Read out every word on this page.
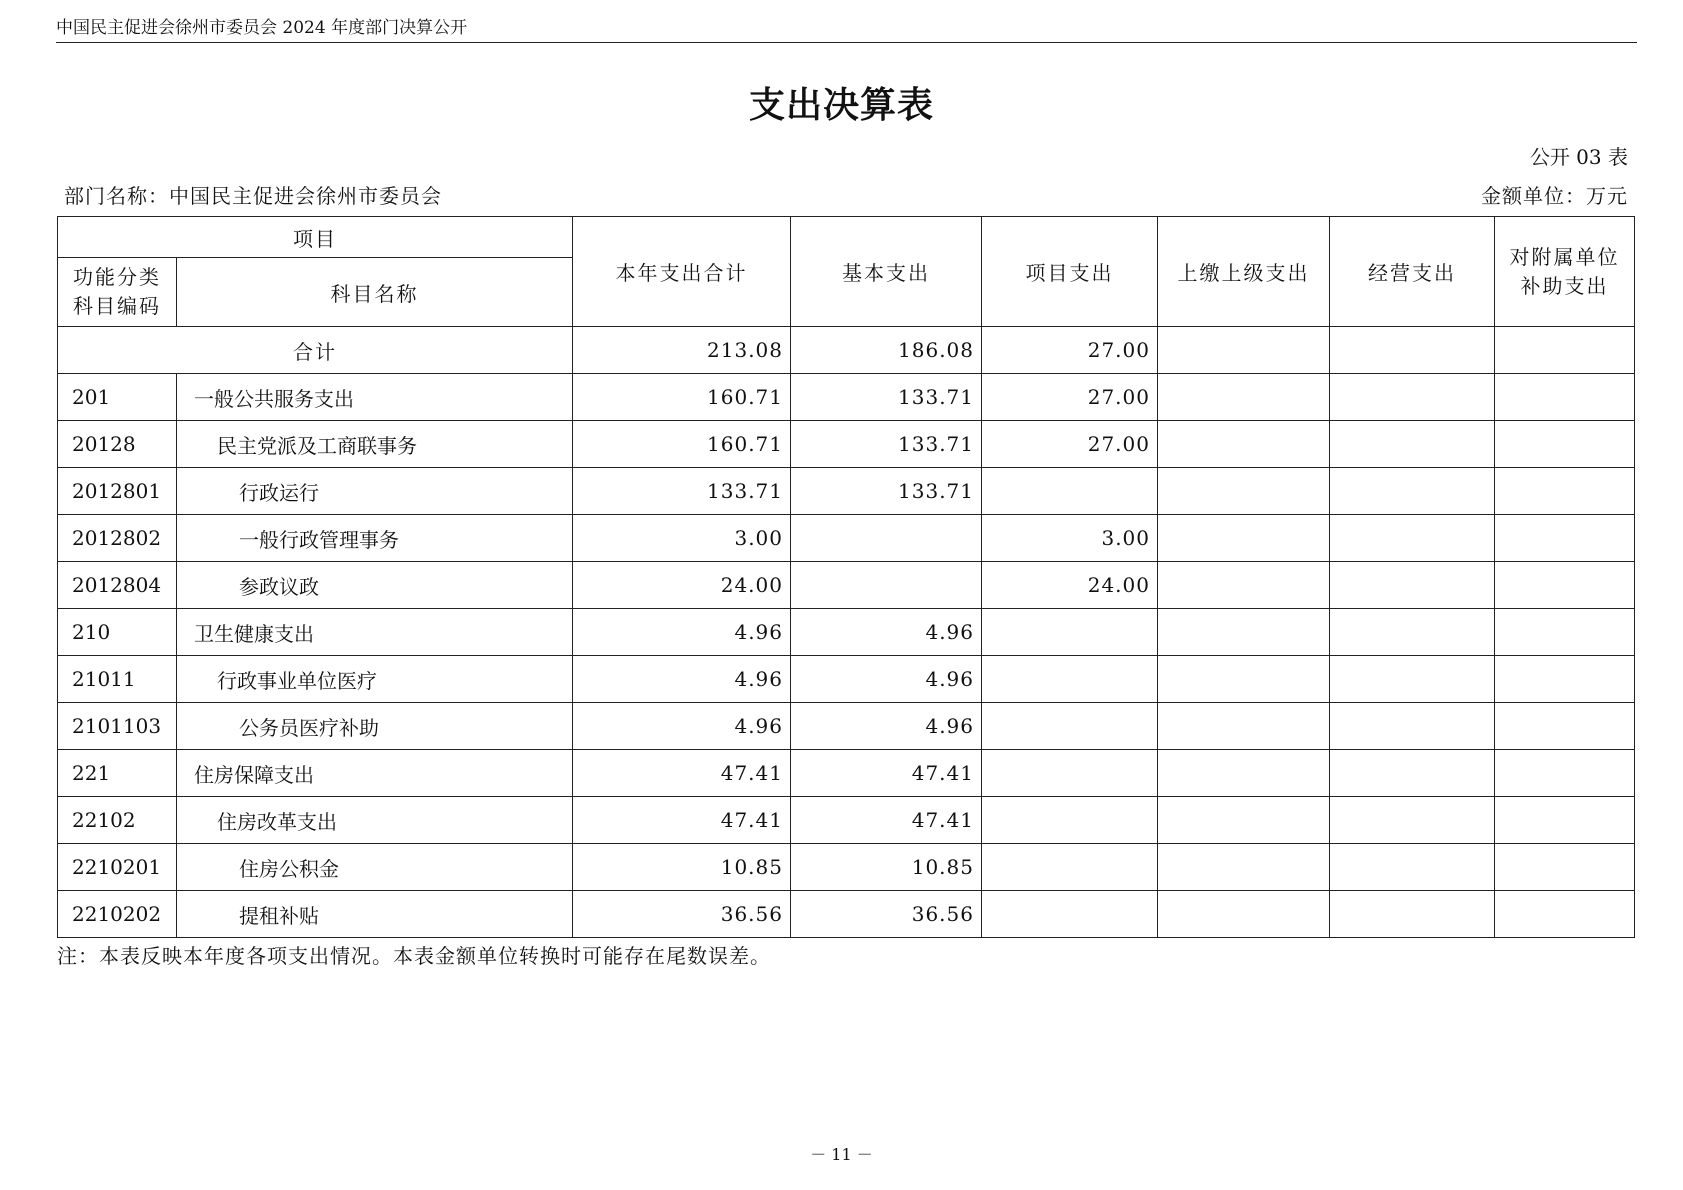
中国民主促进会徐州市委员会 2024 年度部门决算公开
支出决算表
公开 03 表
部门名称：中国民主促进会徐州市委员会	金额单位：万元
项目		本年支出合计	基本支出	项目支出	上缴上级支出	经营支出	对附属单位补助支出
功能分类科目编码	科目名称						
合计		213.08	186.08	27.00			
201	一般公共服务支出	160.71	133.71	27.00			
20128	民主党派及工商联事务	160.71	133.71	27.00			
2012801	行政运行	133.71	133.71				
2012802	一般行政管理事务	3.00		3.00			
2012804	参政议政	24.00		24.00			
210	卫生健康支出	4.96	4.96				
21011	行政事业单位医疗	4.96	4.96				
2101103	公务员医疗补助	4.96	4.96				
221	住房保障支出	47.41	47.41				
22102	住房改革支出	47.41	47.41				
2210201	住房公积金	10.85	10.85				
2210202	提租补贴	36.56	36.56				
注：本表反映本年度各项支出情况。本表金额单位转换时可能存在尾数误差。
－ 11 －
